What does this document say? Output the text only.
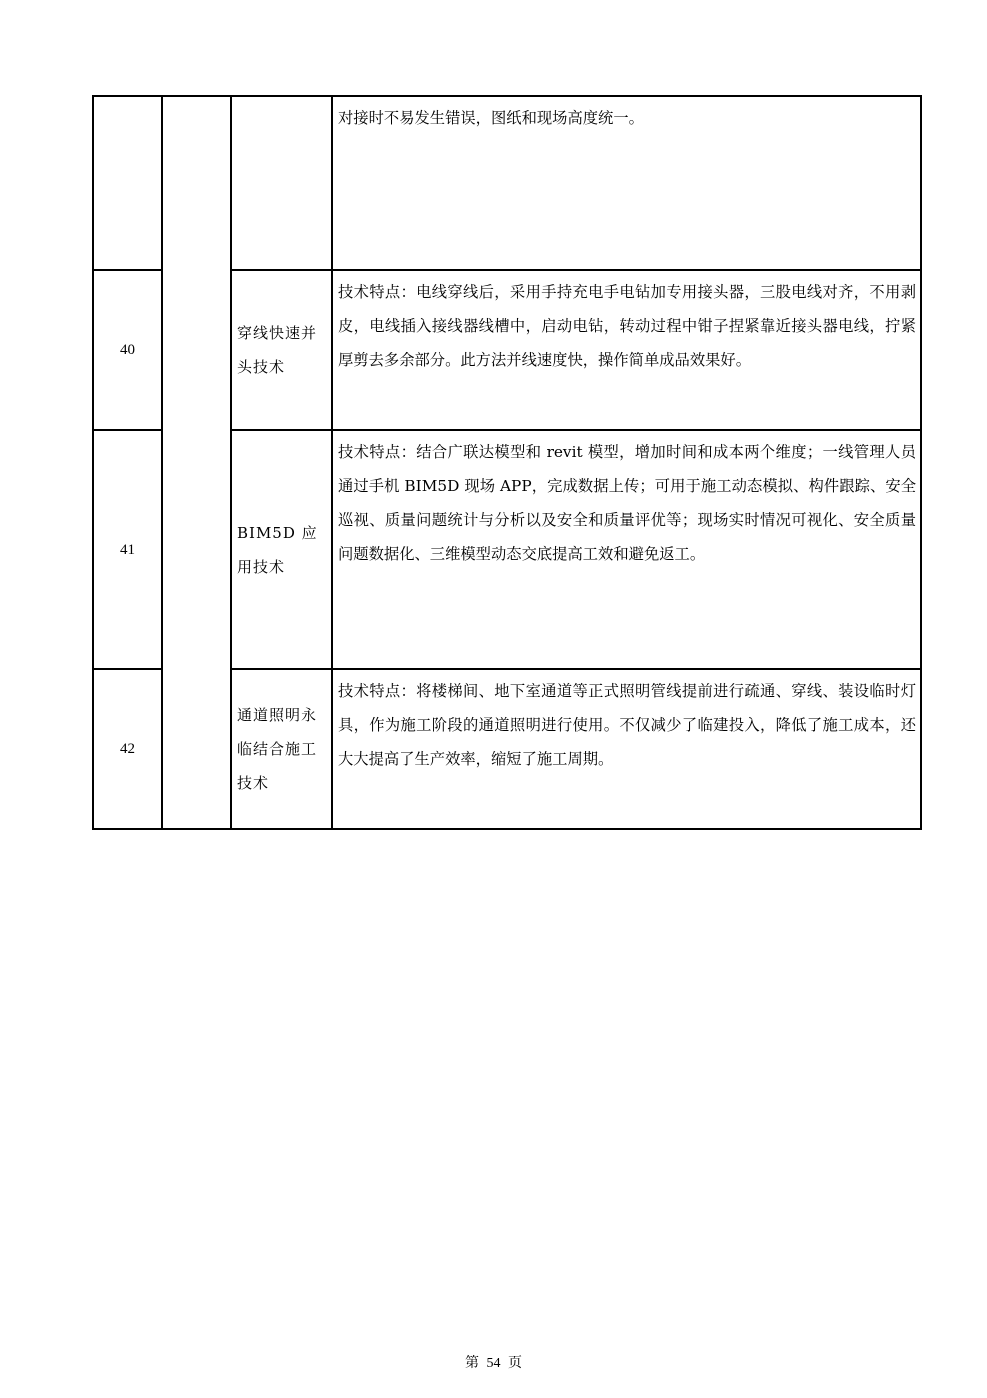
			对接时不易发生错误，图纸和现场高度统一。

40		穿线快速并头技术	技术特点：电线穿线后，采用手持充电手电钻加专用接头器，三股电线对齐，不用剥皮，电线插入接线器线槽中，启动电钻，转动过程中钳子捏紧靠近接头器电线，拧紧厚剪去多余部分。此方法并线速度快，操作简单成品效果好。

41		BIM5D 应用技术	技术特点：结合广联达模型和 revit 模型，增加时间和成本两个维度；一线管理人员通过手机 BIM5D 现场 APP，完成数据上传；可用于施工动态模拟、构件跟踪、安全巡视、质量问题统计与分析以及安全和质量评优等；现场实时情况可视化、安全质量问题数据化、三维模型动态交底提高工效和避免返工。

42		通道照明永临结合施工技术	技术特点：将楼梯间、地下室通道等正式照明管线提前进行疏通、穿线、装设临时灯具，作为施工阶段的通道照明进行使用。不仅减少了临建投入，降低了施工成本，还大大提高了生产效率，缩短了施工周期。
第 54 页
